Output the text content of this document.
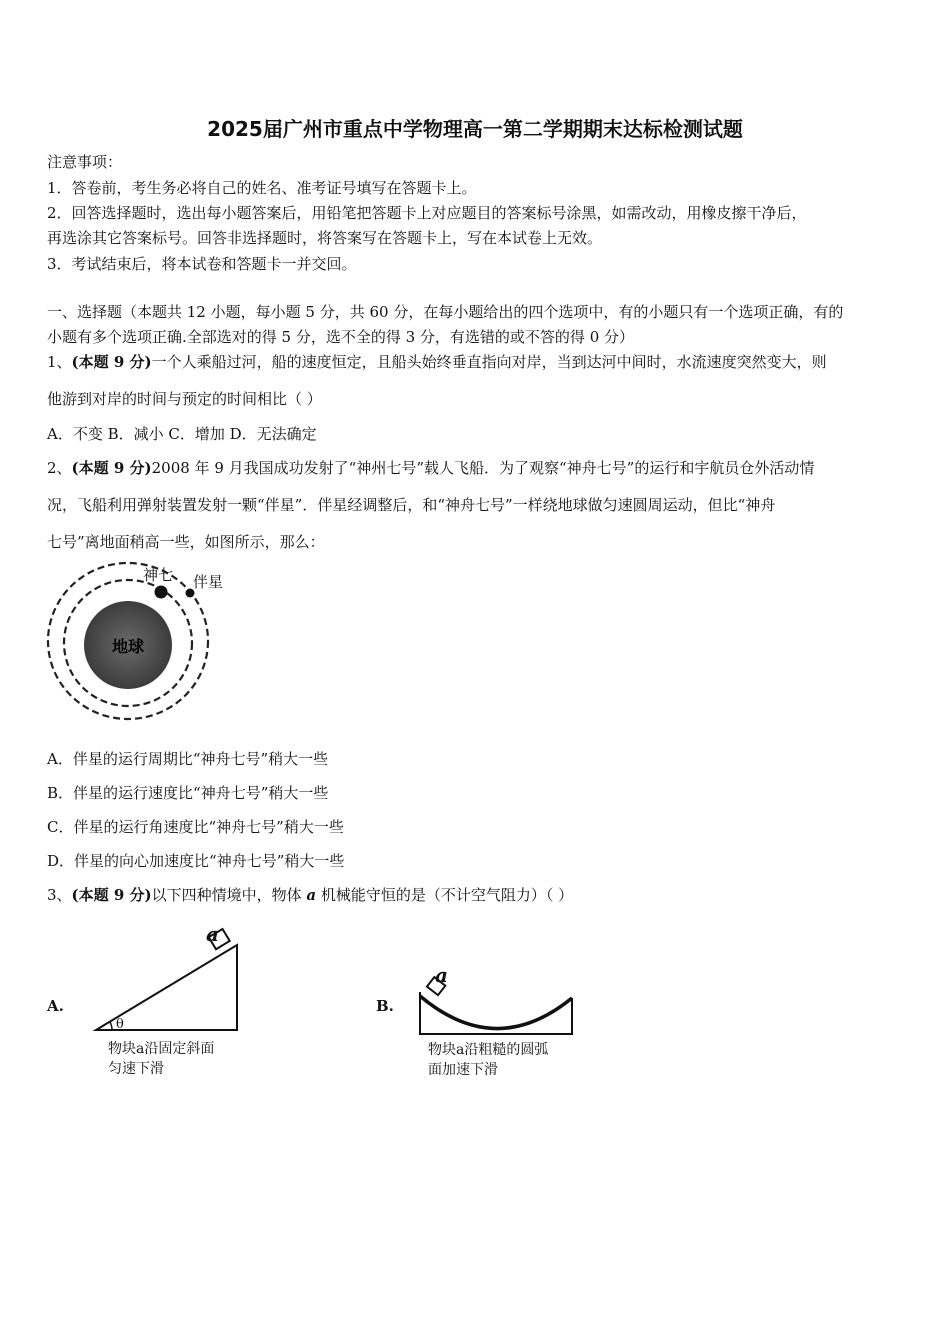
2025届广州市重点中学物理高一第二学期期末达标检测试题
注意事项：
1．答卷前，考生务必将自己的姓名、准考证号填写在答题卡上。
2．回答选择题时，选出每小题答案后，用铅笔把答题卡上对应题目的答案标号涂黑，如需改动，用橡皮擦干净后，
再选涂其它答案标号。回答非选择题时，将答案写在答题卡上，写在本试卷上无效。
3．考试结束后，将本试卷和答题卡一并交回。
一、选择题（本题共 12 小题，每小题 5 分，共 60 分，在每小题给出的四个选项中，有的小题只有一个选项正确，有的
小题有多个选项正确.全部选对的得 5 分，选不全的得 3 分，有选错的或不答的得 0 分）
1、(本题 9 分)一个人乘船过河，船的速度恒定，且船头始终垂直指向对岸，当到达河中间时，水流速度突然变大，则
他游到对岸的时间与预定的时间相比（ ）
A．不变 B．减小 C．增加 D．无法确定
2、(本题 9 分)2008 年 9 月我国成功发射了“神州七号”载人飞船．为了观察“神舟七号”的运行和宇航员仓外活动情
况，飞船利用弹射装置发射一颗“伴星”．伴星经调整后，和“神舟七号”一样绕地球做匀速圆周运动，但比“神舟
七号”离地面稍高一些，如图所示，那么：
地球
神七 伴星
A．伴星的运行周期比“神舟七号”稍大一些
B．伴星的运行速度比“神舟七号”稍大一些
C．伴星的运行角速度比“神舟七号”稍大一些
D．伴星的向心加速度比“神舟七号”稍大一些
3、(本题 9 分)以下四种情境中，物体 a 机械能守恒的是（不计空气阻力）（ ）
A.
a
θ
物块a沿固定斜面
匀速下滑
B.
a
物块a沿粗糙的圆弧
面加速下滑
